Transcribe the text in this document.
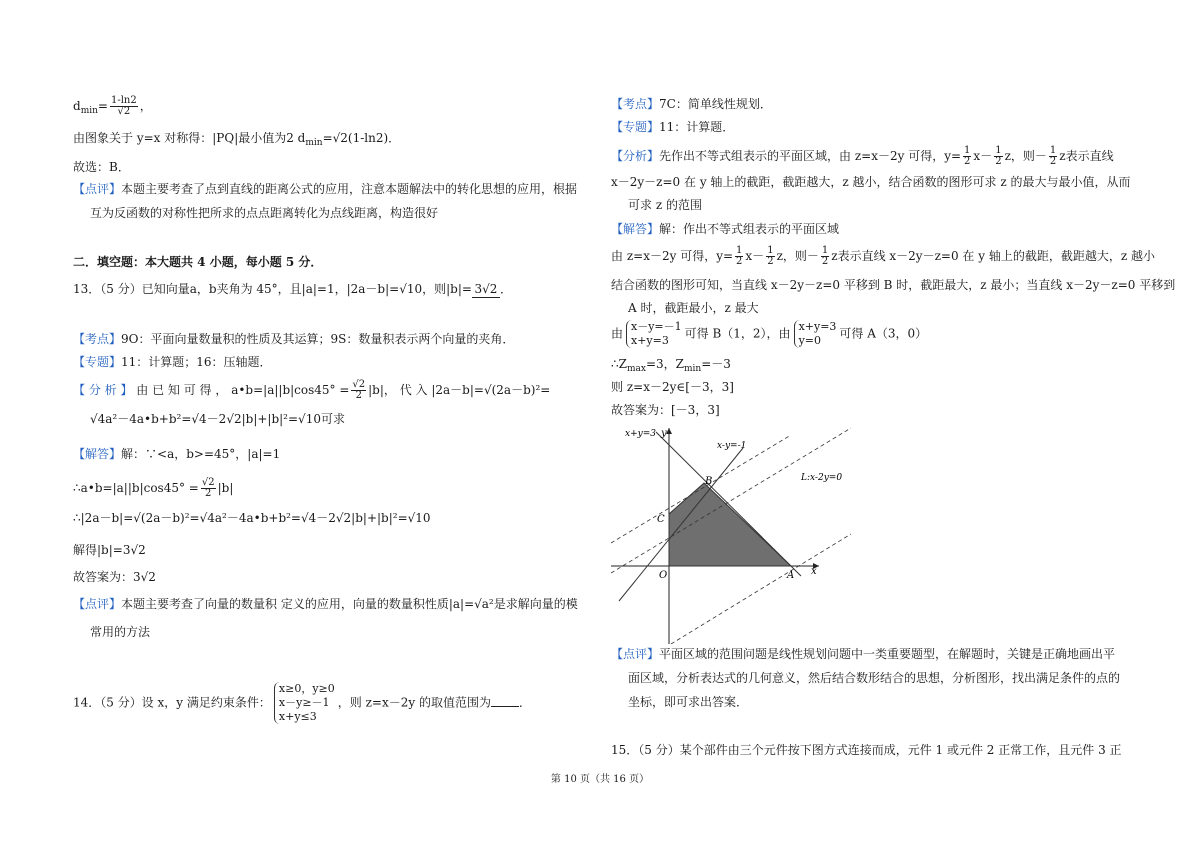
$d_{min}= \frac{1-\ln 2}{√2}$ ，
由图象关于 y=x 对称得：|PQ|最小值为2 $d_{min}=√2(1-\ln 2)$．
故选：B．
【点评】本题主要考查了点到直线的距离公式的应用，注意本题解法中的转化思想的应用，根据
互为反函数的对称性把所求的点点距离转化为点线距离，构造很好
二．填空题：本大题共 4 小题，每小题 5 分．
13．（5 分）已知向量a，b夹角为 45°，且|a|=1，|2a－b|=√10，则|b|= 3√2 ．
【考点】9O：平面向量数量积的性质及其运算；9S：数量积表示两个向量的夹角．
【专题】11：计算题；16：压轴题．
【 分 析 】 由 已 知 可 得 ， a•b=|a||b|cos45° = $\frac{√2}{2} |b|$， 代 入 |2a－b|=√(2a－b)²=
√4a²－4a•b+b²=√4－2√2|b|+|b|²=√10可求
【解答】解：∵<a，b>=45°，|a|=1
∴a•b=|a||b|cos45° = $\frac{√2}{2} |b|$
∴|2a－b|=√(2a－b)²=√4a²－4a•b+b²=√4－2√2|b|+|b|²=√10
解得|b|=3√2
故答案为：3√2
【点评】本题主要考查了向量的数量积 定义的应用，向量的数量积性质|a|=√a²是求解向量的模
常用的方法
14．（5 分）设 x，y 满足约束条件：
x≥0，y≥0
x－y≥－1
x+y≤3
，则 z=x－2y 的取值范围为 ．
【考点】7C：简单线性规划．
【专题】11：计算题．
【分析】先作出不等式组表示的平面区域，由 z=x－2y 可得，$y= \frac{1}{2} x- \frac{1}{2}$ z，则－ $\frac{1}{2}$ z表示直线
x－2y－z=0 在 y 轴上的截距，截距越大，z 越小，结合函数的图形可求 z 的最大与最小值，从而
可求 z 的范围
【解答】解：作出不等式组表示的平面区域
由 z=x－2y 可得，$y= \frac{1}{2} x- \frac{1}{2}$ z，则－ $\frac{1}{2}$ z表示直线 x－2y－z=0 在 y 轴上的截距，截距越大，z 越小
结合函数的图形可知，当直线 x－2y－z=0 平移到 B 时，截距最大，z 最小；当直线 x－2y－z=0 平移到
A 时，截距最小，z 最大
由 x－y=－1
x+y=3	可得 B（1，2），由 x+y=3
y=0	可得 A（3，0）
$\therefore Z_{max}=3$，$Z_{min}=-3$
则 z=x－2y∈[－3，3]
故答案为：[－3，3]
x+y=3 y
x-y=-1
L:x-2y=0
B
C
O	A x
【点评】平面区域的范围问题是线性规划问题中一类重要题型，在解题时，关键是正确地画出平
面区域，分析表达式的几何意义，然后结合数形结合的思想，分析图形，找出满足条件的点的
坐标，即可求出答案．
15．（5 分）某个部件由三个元件按下图方式连接而成，元件 1 或元件 2 正常工作，且元件 3 正
第 10 页（共 16 页）
